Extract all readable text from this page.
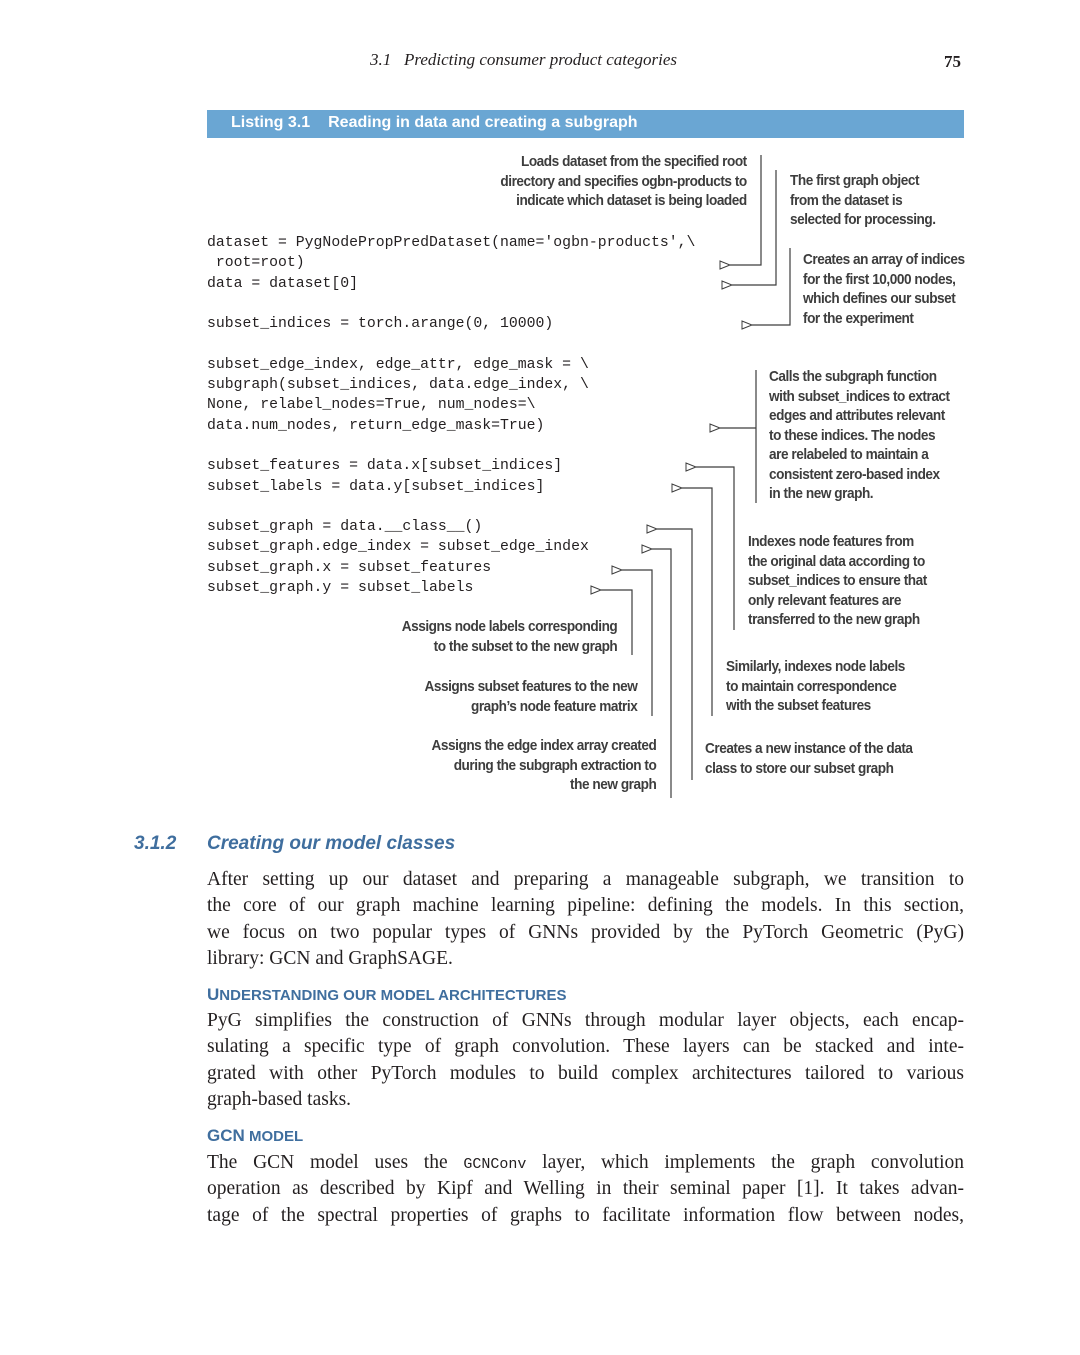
3.1   Predicting consumer product categories	75
Listing 3.1 Reading in data and creating a subgraph
dataset = PygNodePropPredDataset(name='ogbn-products',\
root=root)
data = dataset[0]

subset_indices = torch.arange(0, 10000)

subset_edge_index, edge_attr, edge_mask = \
subgraph(subset_indices, data.edge_index, \
None, relabel_nodes=True, num_nodes=\
data.num_nodes, return_edge_mask=True)

subset_features = data.x[subset_indices]
subset_labels = data.y[subset_indices]

subset_graph = data.__class__()
subset_graph.edge_index = subset_edge_index
subset_graph.x = subset_features
subset_graph.y = subset_labels
Loads dataset from the specified root
directory and specifies ogbn-products to
indicate which dataset is being loaded
The first graph object
from the dataset is
selected for processing.
Creates an array of indices
for the first 10,000 nodes,
which defines our subset
for the experiment
Calls the subgraph function
with subset_indices to extract
edges and attributes relevant
to these indices. The nodes
are relabeled to maintain a
consistent zero-based index
in the new graph.
Indexes node features from
the original data according to
subset_indices to ensure that
only relevant features are
transferred to the new graph
Assigns node labels corresponding
to the subset to the new graph
Similarly, indexes node labels
to maintain correspondence
with the subset features
Assigns subset features to the new
graph’s node feature matrix
Assigns the edge index array created
during the subgraph extraction to
the new graph
Creates a new instance of the data
class to store our subset graph
3.1.2 Creating our model classes
After setting up our dataset and preparing a manageable subgraph, we transition to
the core of our graph machine learning pipeline: defining the models. In this section,
we focus on two popular types of GNNs provided by the PyTorch Geometric (PyG)
library: GCN and GraphSAGE.
UNDERSTANDING OUR MODEL ARCHITECTURES
PyG simplifies the construction of GNNs through modular layer objects, each encap-
sulating a specific type of graph convolution. These layers can be stacked and inte-
grated with other PyTorch modules to build complex architectures tailored to various
graph-based tasks.
GCN MODEL
The GCN model uses the GCNConv layer, which implements the graph convolution
operation as described by Kipf and Welling in their seminal paper [1]. It takes advan-
tage of the spectral properties of graphs to facilitate information flow between nodes,
